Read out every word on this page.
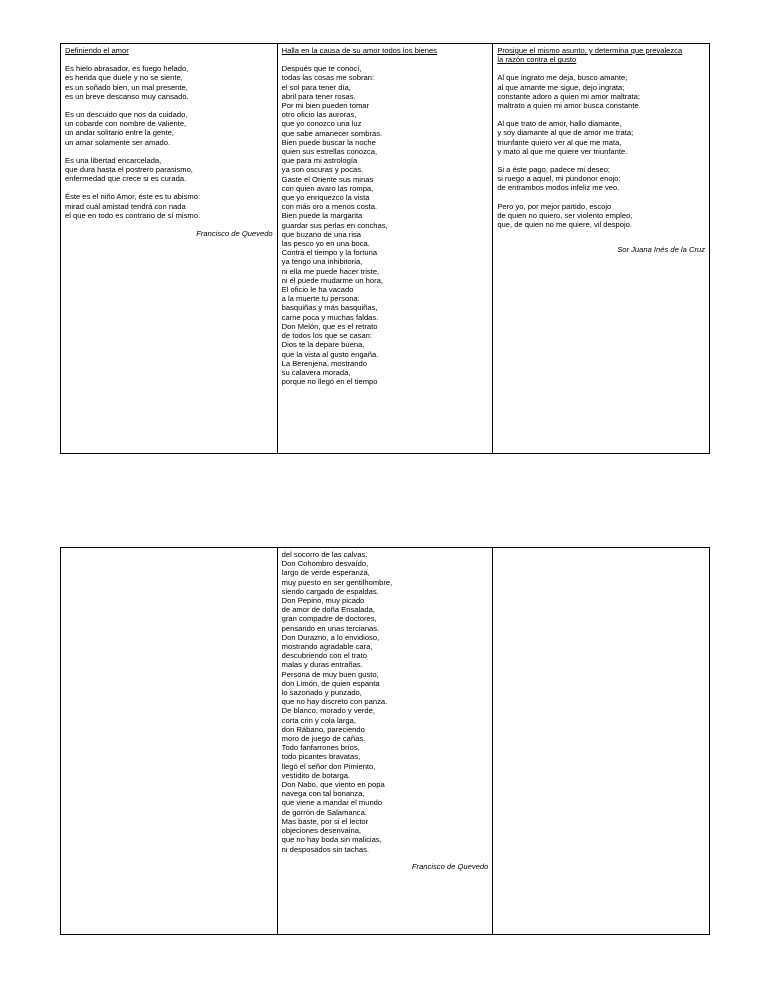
Definiendo el amor
Es hielo abrasador, es fuego helado,
es herida que duele y no se siente,
es un soñado bien, un mal presente,
es un breve descanso muy cansado.
Es un descuido que nos da cuidado,
un cobarde con nombre de valiente,
un andar solitario entre la gente,
un amar solamente ser amado.
Es una libertad encarcelada,
que dura hasta el postrero parasismo,
enfermedad que crece si es curada.
Éste es el niño Amor, éste es tu abismo:
mirad cuál amistad tendrá con nada
el que en todo es contrario de sí mismo.
Francisco de Quevedo

Halla en la causa de su amor todos los bienes
Después que te conocí,
todas las cosas me sobran:
el sol para tener día,
abril para tener rosas.
Por mi bien pueden tomar
otro oficio las auroras,
que yo conozco una luz
que sabe amanecer sombras.
Bien puede buscar la noche
quien sus estrellas conozca,
que para mi astrología
ya son oscuras y pocas.
Gaste el Oriente sus minas
con quien avaro las rompa,
que yo enriquezco la vista
con más oro a menos costa.
Bien puede la margarita
guardar sus perlas en conchas,
que buzano de una risa
las pesco yo en una boca.
Contra el tiempo y la fortuna
ya tengo una inhibitoria,
ni ella me puede hacer triste,
ni él puede mudarme un hora,
El oficio le ha vacado
a la muerte tu persona:
basquiñas y más basquiñas,
carne poca y muchas faldas.
Don Melón, que es el retrato
de todos los que se casan:
Dios te la depare buena,
que la vista al gusto engaña.
La Berenjena, mostrando
su calavera morada,
porque no llegó en el tiempo

Prosigue el mismo asunto, y determina que prevalezca
la razón contra el gusto
Al que ingrato me deja, busco amante;
al que amante me sigue, dejo ingrata;
constante adoro a quien mi amor maltrata;
maltrato a quien mi amor busca constante.
Al que trato de amor, hallo diamante,
y soy diamante al que de amor me trata;
triunfante quiero ver al que me mata,
y mato al que me quiere ver triunfante.
Si a éste pago, padece mi deseo;
si ruego a aquel, mi pundonor enojo:
de entrambos modos infeliz me veo.
Pero yo, por mejor partido, escojo
de quien no quiero, ser violento empleo,
que, de quien no me quiere, vil despojo.
Sor Juana Inés de la Cruz

del socorro de las calvas.
Don Cohombro desvaído,
largo de verde esperanza,
muy puesto en ser gentilhombre,
siendo cargado de espaldas.
Don Pepino, muy picado
de amor de doña Ensalada,
gran compadre de doctores,
pensando en unas tercianas.
Don Durazno, a lo envidioso,
mostrando agradable cara,
descubriendo con el trato
malas y duras entrañas.
Persona de muy buen gusto,
don Limón, de quien espanta
lo sazonado y punzado,
que no hay discreto con panza.
De blanco, morado y verde,
corta crin y cola larga,
don Rábano, pareciendo
moro de juego de cañas.
Todo fanfarrones bríos,
todo picantes bravatas,
llegó el señor don Pimiento,
vestidito de botarga.
Don Nabo, que viento en popa
navega con tal bonanza,
que viene a mandar el mundo
de gorrón de Salamanca.
Mas baste, por si el lector
objeciones desenvaina,
que no hay boda sin malicias,
ni desposados sin tachas.
Francisco de Quevedo
